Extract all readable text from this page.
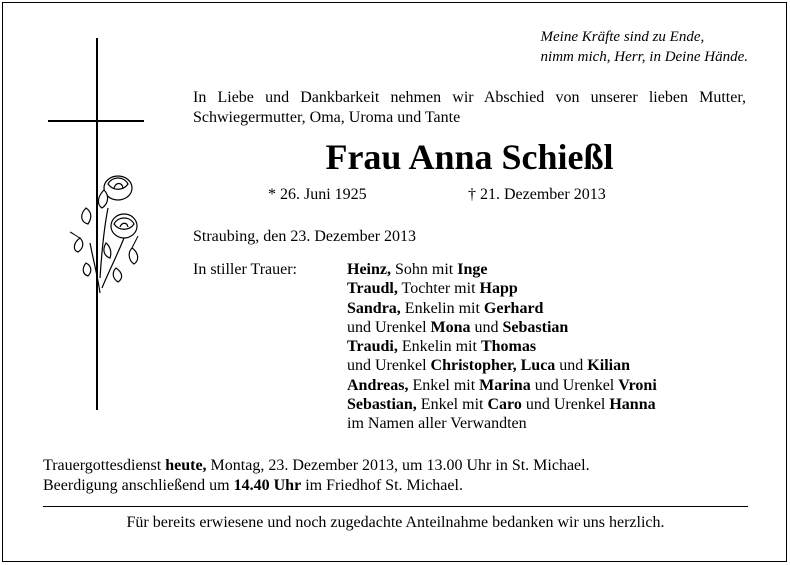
Meine Kräfte sind zu Ende,
nimm mich, Herr, in Deine Hände.
In Liebe und Dankbarkeit nehmen wir Abschied von unserer lieben Mutter, Schwiegermutter, Oma, Uroma und Tante
Frau Anna Schießl
* 26. Juni 1925	† 21. Dezember 2013
Straubing, den 23. Dezember 2013
In stiller Trauer:	Heinz, Sohn mit Inge
Traudl, Tochter mit Happ
Sandra, Enkelin mit Gerhard
und Urenkel Mona und Sebastian
Traudi, Enkelin mit Thomas
und Urenkel Christopher, Luca und Kilian
Andreas, Enkel mit Marina und Urenkel Vroni
Sebastian, Enkel mit Caro und Urenkel Hanna
im Namen aller Verwandten
Trauergottesdienst heute, Montag, 23. Dezember 2013, um 13.00 Uhr in St. Michael.
Beerdigung anschließend um 14.40 Uhr im Friedhof St. Michael.
Für bereits erwiesene und noch zugedachte Anteilnahme bedanken wir uns herzlich.
